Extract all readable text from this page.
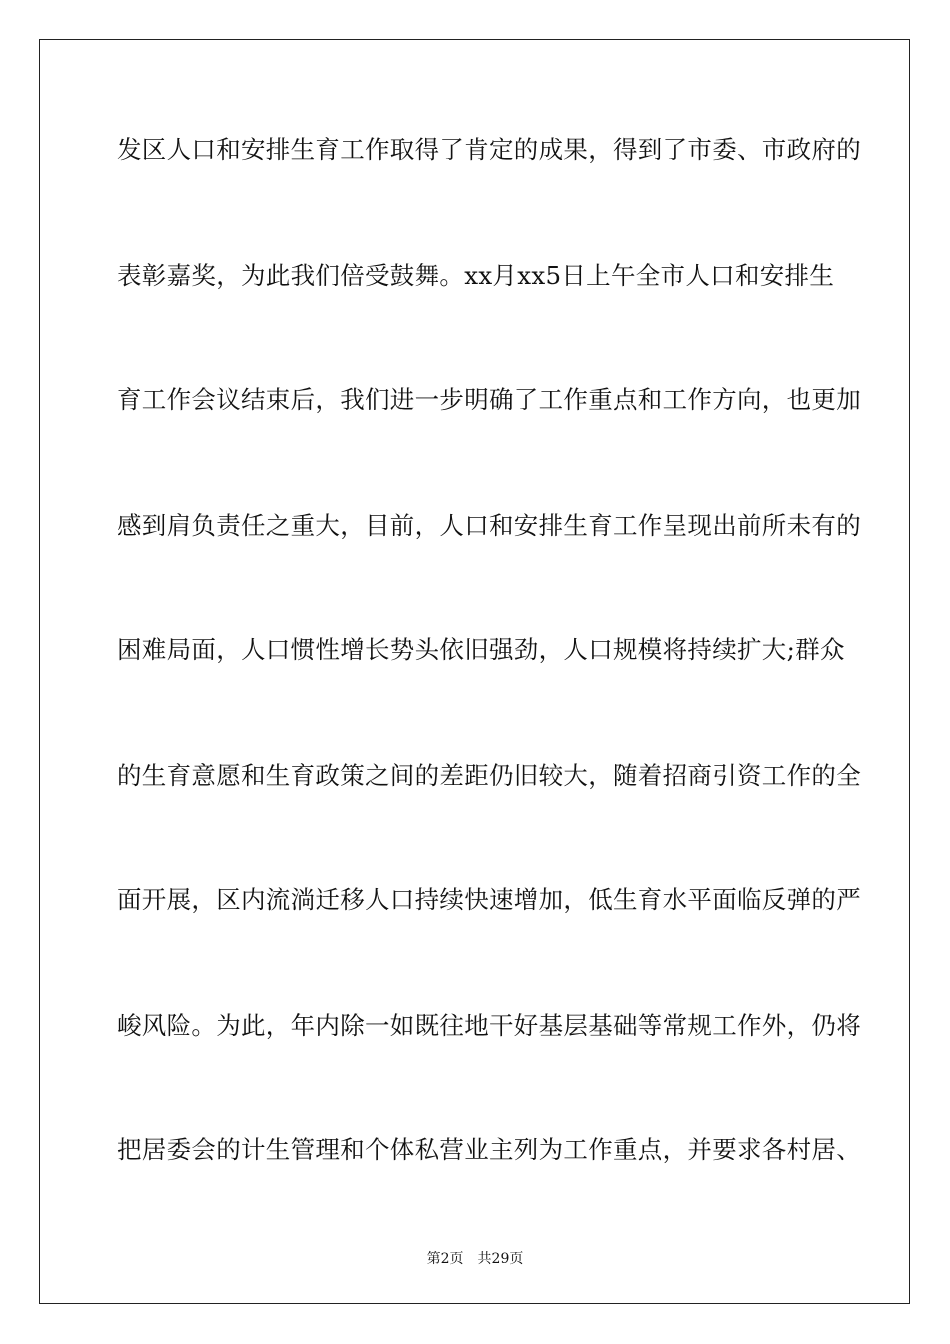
发区人口和安排生育工作取得了肯定的成果，得到了市委、市政府的
表彰嘉奖，为此我们倍受鼓舞。xx月xx5日上午全市人口和安排生
育工作会议结束后，我们进一步明确了工作重点和工作方向，也更加
感到肩负责任之重大，目前，人口和安排生育工作呈现出前所未有的
困难局面，人口惯性增长势头依旧强劲，人口规模将持续扩大;群众
的生育意愿和生育政策之间的差距仍旧较大，随着招商引资工作的全
面开展，区内流淌迁移人口持续快速增加，低生育水平面临反弹的严
峻风险。为此，年内除一如既往地干好基层基础等常规工作外，仍将
把居委会的计生管理和个体私营业主列为工作重点，并要求各村居、
第2页 共29页
